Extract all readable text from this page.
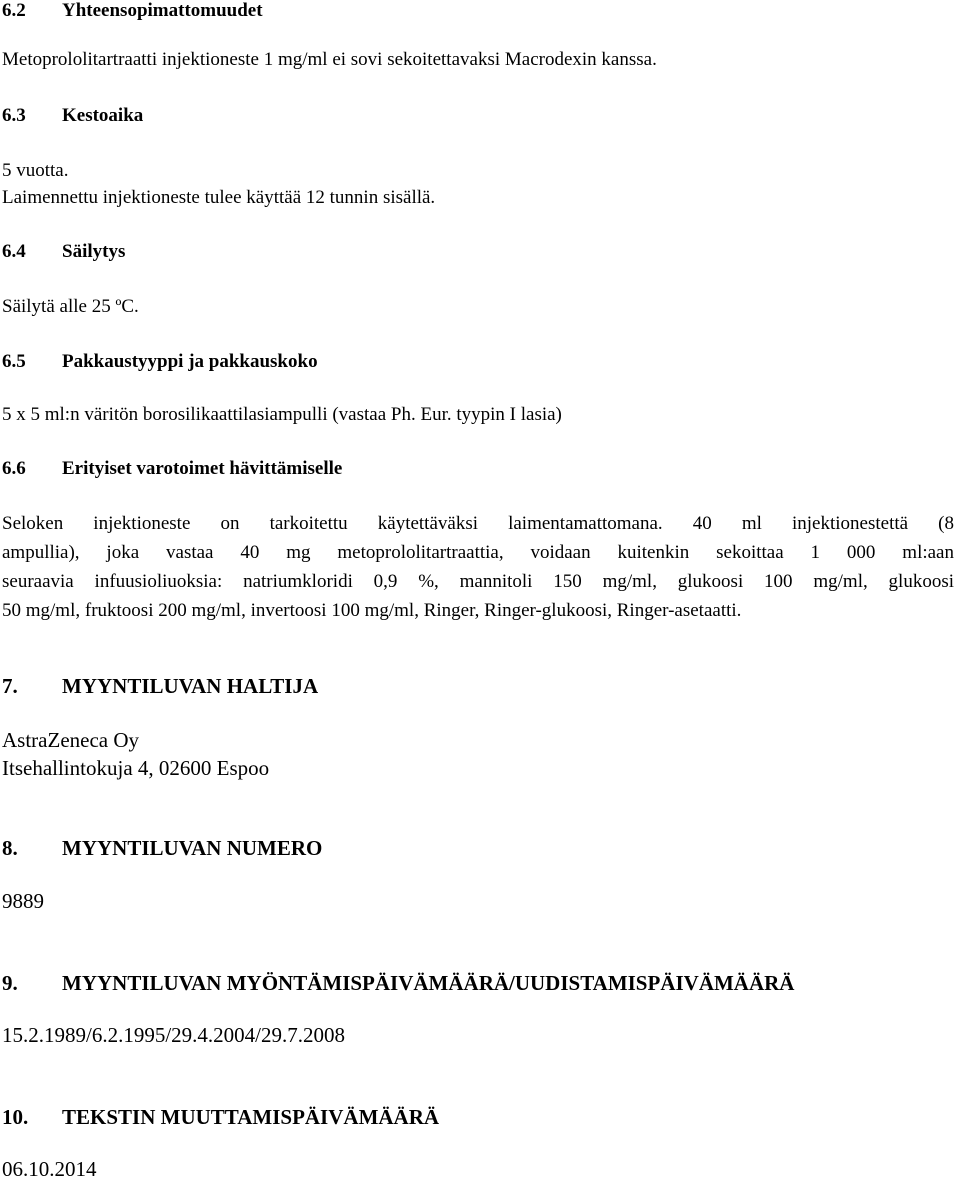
6.2 Yhteensopimattomuudet
Metoprololitartraatti injektioneste 1 mg/ml ei sovi sekoitettavaksi Macrodexin kanssa.
6.3 Kestoaika
5 vuotta.
Laimennettu injektioneste tulee käyttää 12 tunnin sisällä.
6.4 Säilytys
Säilytä alle 25 ºC.
6.5 Pakkaustyyppi ja pakkauskoko
5 x 5 ml:n väritön borosilikaattilasiampulli (vastaa Ph. Eur. tyypin I lasia)
6.6 Erityiset varotoimet hävittämiselle
Seloken injektioneste on tarkoitettu käytettäväksi laimentamattomana. 40 ml injektionestettä (8
ampullia), joka vastaa 40 mg metoprololitartraattia, voidaan kuitenkin sekoittaa 1 000 ml:aan
seuraavia infuusioliuoksia: natriumkloridi 0,9 %, mannitoli 150 mg/ml, glukoosi 100 mg/ml, glukoosi
50 mg/ml, fruktoosi 200 mg/ml, invertoosi 100 mg/ml, Ringer, Ringer-glukoosi, Ringer-asetaatti.
7. MYYNTILUVAN HALTIJA
AstraZeneca Oy
Itsehallintokuja 4, 02600 Espoo
8. MYYNTILUVAN NUMERO
9889
9. MYYNTILUVAN MYÖNTÄMISPÄIVÄMÄÄRÄ/UUDISTAMISPÄIVÄMÄÄRÄ
15.2.1989/6.2.1995/29.4.2004/29.7.2008
10. TEKSTIN MUUTTAMISPÄIVÄMÄÄRÄ
06.10.2014
